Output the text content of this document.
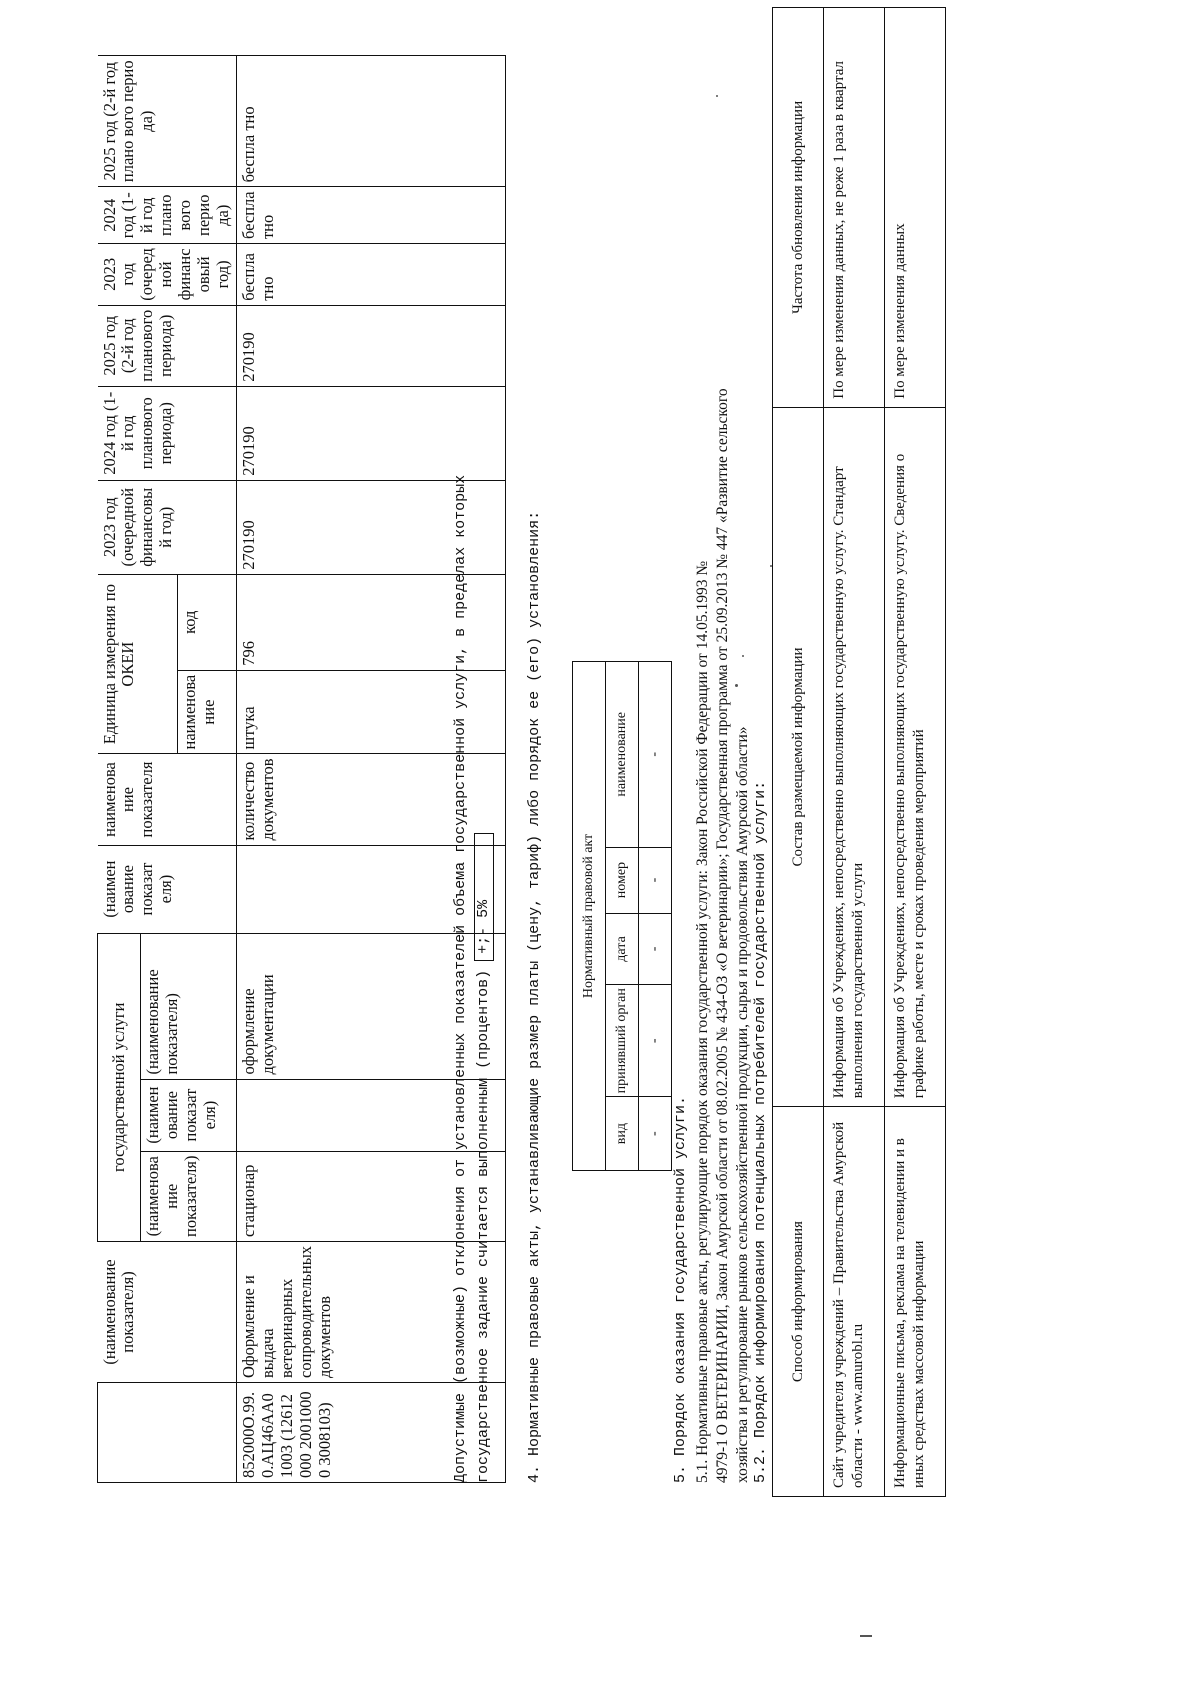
	(наименование показателя)	государственной услуги			(наимен ование показат еля)	наименова ние показателя	Единица измерения по ОКЕИ		2023 год (очередной финансовы й год)	2024 год (1-й год планового периода)	2025 год (2-й год планового периода)	2023 год (очеред ной финанс овый год)	2024 год (1-й год плано вого перио да)	2025 год (2-й год плано вого перио да)
		(наименова ние показателя)	(наимен ование показат еля)	(наименование показателя)										
							наименова ние	код						
852000О.99.0.АЦ46АА01003 (12612000 20010000 3008103)	Оформление и выдача ветеринарных сопроводительных документов	стационар		оформление документации		количество документов	штука	796	270190	270190	270190	беспла тно	беспла тно	беспла тно
Допустимые (возможные) отклонения от установленных показателей объема государственной услуги, в пределах которых государственное задание считается выполненным (процентов) +;- 5% 4. Нормативные правовые акты, устанавливающие размер платы (цену, тариф) либо порядок ее (его) установления:	Нормативный правовой акт				
вид	принявший орган	дата	номер	наименование
-	-	-	-	-
5. Порядок оказания государственной услуги. 5.1. Нормативные правовые акты, регулирующие порядок оказания государственной услуги: Закон Российской Федерации от 14.05.1993 № 4979-1 О ВЕТЕРИНАРИИ, Закон Амурской области от 08.02.2005 № 434-ОЗ «О ветеринарии»; Государственная программа от 25.09.2013 № 447 «Развитие сельского хозяйства и регулирование рынков сельскохозяйственной продукции, сырья и продовольствия Амурской области» 5.2. Порядок информирования потенциальных потребителей государственной услуги: Способ информирования	Состав размещаемой информации	Частота обновления информации
Сайт учредителя учреждений – Правительства Амурской области - www.amurobl.ru	Информация об Учреждениях, непосредственно выполняющих государственную услугу. Стандарт выполнения государственной услуги	По мере изменения данных, не реже 1 раза в квартал
Информационные письма, реклама на телевидении и в иных средствах массовой информации	Информация об Учреждениях, непосредственно выполняющих государственную услугу. Сведения о графике работы, месте и сроках проведения мероприятий	По мере изменения данных
